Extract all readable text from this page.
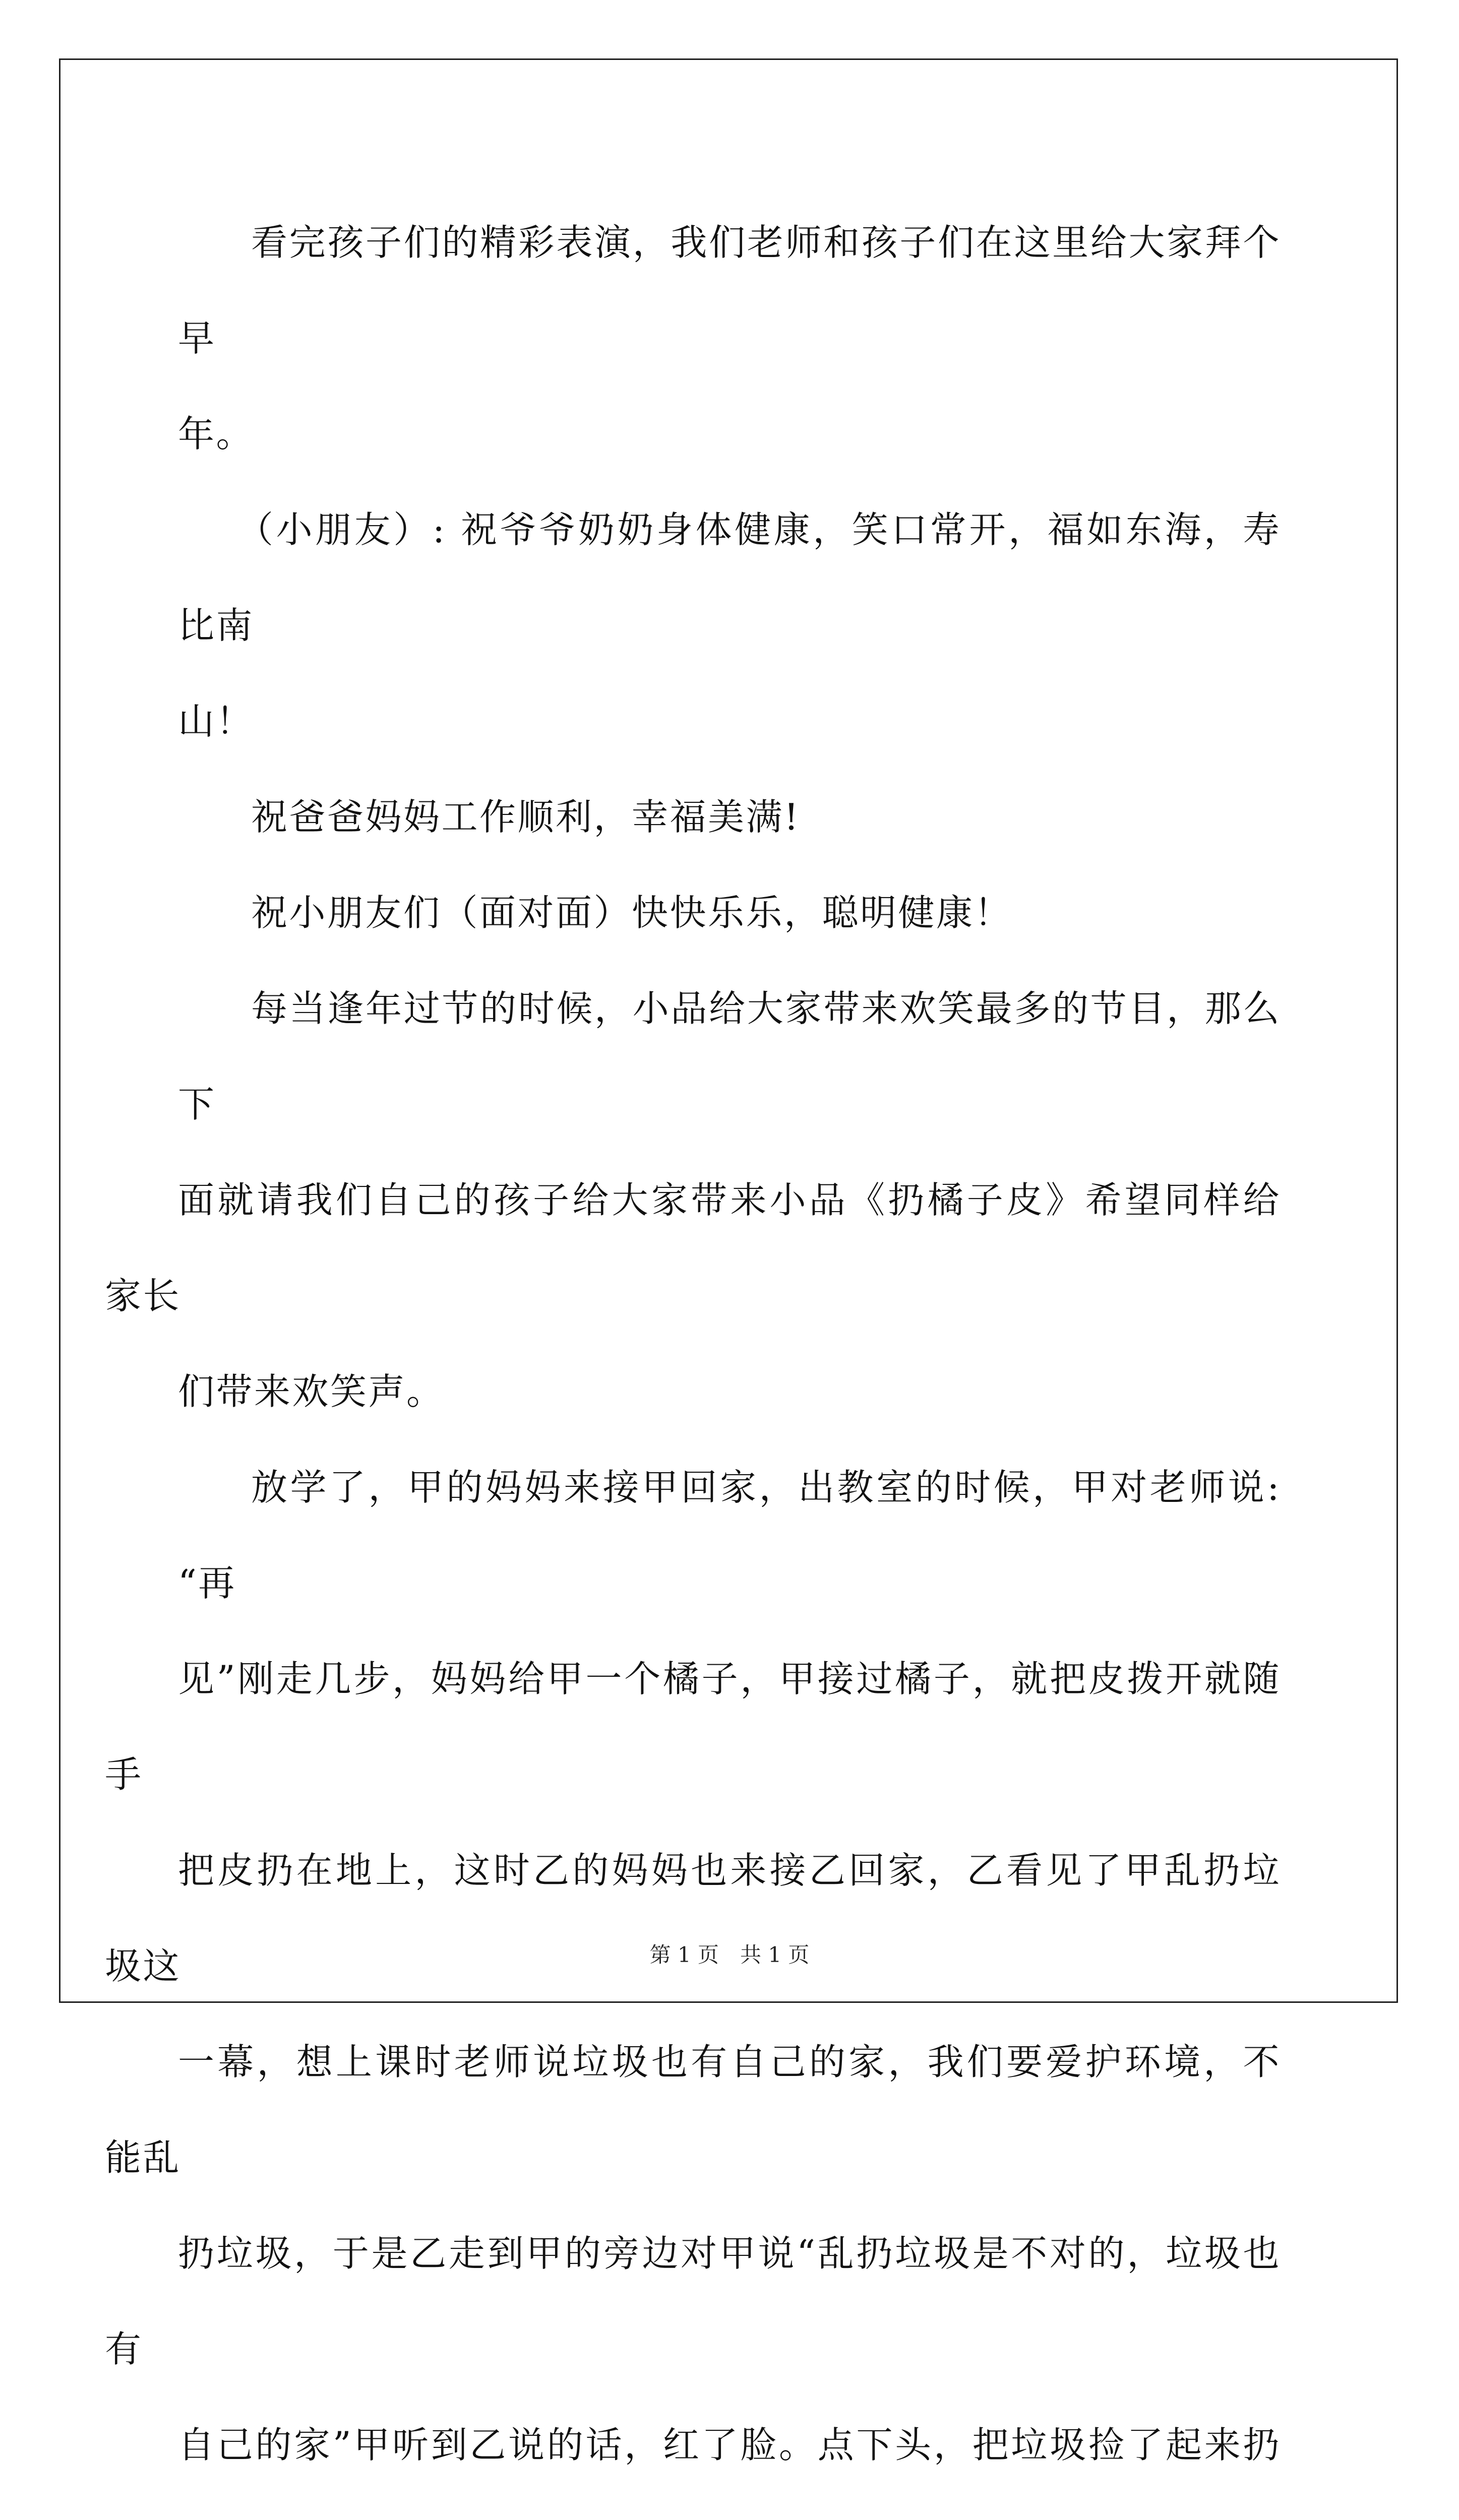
看完孩子们的精彩表演，我们老师和孩子们在这里给大家拜个早
年。

（小朋友）: 祝爷爷奶奶身体健康，笑口常开，福如东海，寿比南
山！

祝爸爸妈妈工作顺利，幸福美满!

祝小朋友们（面对面）快快乐乐，聪明健康！

每当逢年过节的时候，小品给大家带来欢笑最多的节目，那么下
面就请我们自己的孩子给大家带来小品《扔橘子皮》希望同样给家长
们带来欢笑声。

放学了，甲的妈妈来接甲回家，出教室的时候，甲对老师说: “再
见”刚走几步，妈妈给甲一个橘子，甲接过橘子，就把皮拨开就随手
把皮扔在地上，这时乙的妈妈也来接乙回家，乙看见了甲乱扔垃圾这
一幕，想上课时老师说垃圾也有自己的家，我们要爱护环境，不能乱
扔垃圾，于是乙走到甲的旁边对甲说“乱扔垃圾是不对的，垃圾也有
自己的家”甲听到乙说的话，红了脸。点下头，把垃圾捡了起来扔

第 1 页　共 1 页
